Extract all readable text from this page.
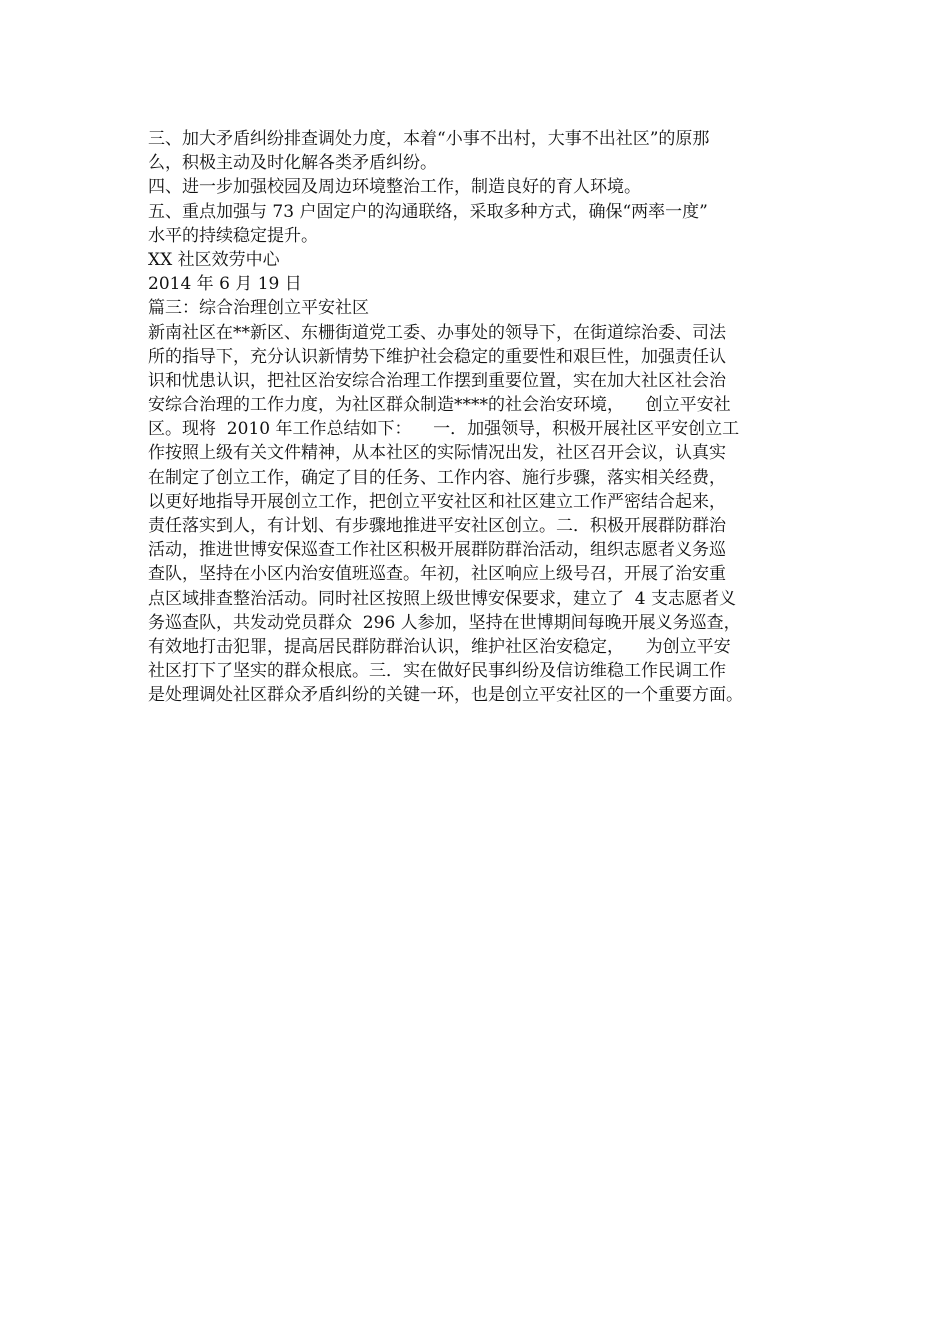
三、加大矛盾纠纷排查调处力度，本着“小事不出村，大事不出社区”的原那
么，积极主动及时化解各类矛盾纠纷。
四、进一步加强校园及周边环境整治工作，制造良好的育人环境。
五、重点加强与 73 户固定户的沟通联络，采取多种方式，确保“两率一度”
水平的持续稳定提升。
XX 社区效劳中心
2014 年 6 月 19 日
篇三：综合治理创立平安社区
新南社区在**新区、东栅街道党工委、办事处的领导下，在街道综治委、司法
所的指导下，充分认识新情势下维护社会稳定的重要性和艰巨性，加强责任认
识和忧患认识，把社区治安综合治理工作摆到重要位置，实在加大社区社会治
安综合治理的工作力度，为社区群众制造****的社会治安环境，    创立平安社
区。现将  2010 年工作总结如下：    一．加强领导，积极开展社区平安创立工
作按照上级有关文件精神，从本社区的实际情况出发，社区召开会议，认真实
在制定了创立工作，确定了目的任务、工作内容、施行步骤，落实相关经费，
以更好地指导开展创立工作，把创立平安社区和社区建立工作严密结合起来，
责任落实到人，有计划、有步骤地推进平安社区创立。二．积极开展群防群治
活动，推进世博安保巡查工作社区积极开展群防群治活动，组织志愿者义务巡
查队，坚持在小区内治安值班巡查。年初，社区响应上级号召，开展了治安重
点区域排查整治活动。同时社区按照上级世博安保要求，建立了  4 支志愿者义
务巡查队，共发动党员群众  296 人参加，坚持在世博期间每晚开展义务巡查，
有效地打击犯罪，提高居民群防群治认识，维护社区治安稳定，    为创立平安
社区打下了坚实的群众根底。三．实在做好民事纠纷及信访维稳工作民调工作
是处理调处社区群众矛盾纠纷的关键一环，也是创立平安社区的一个重要方面。
